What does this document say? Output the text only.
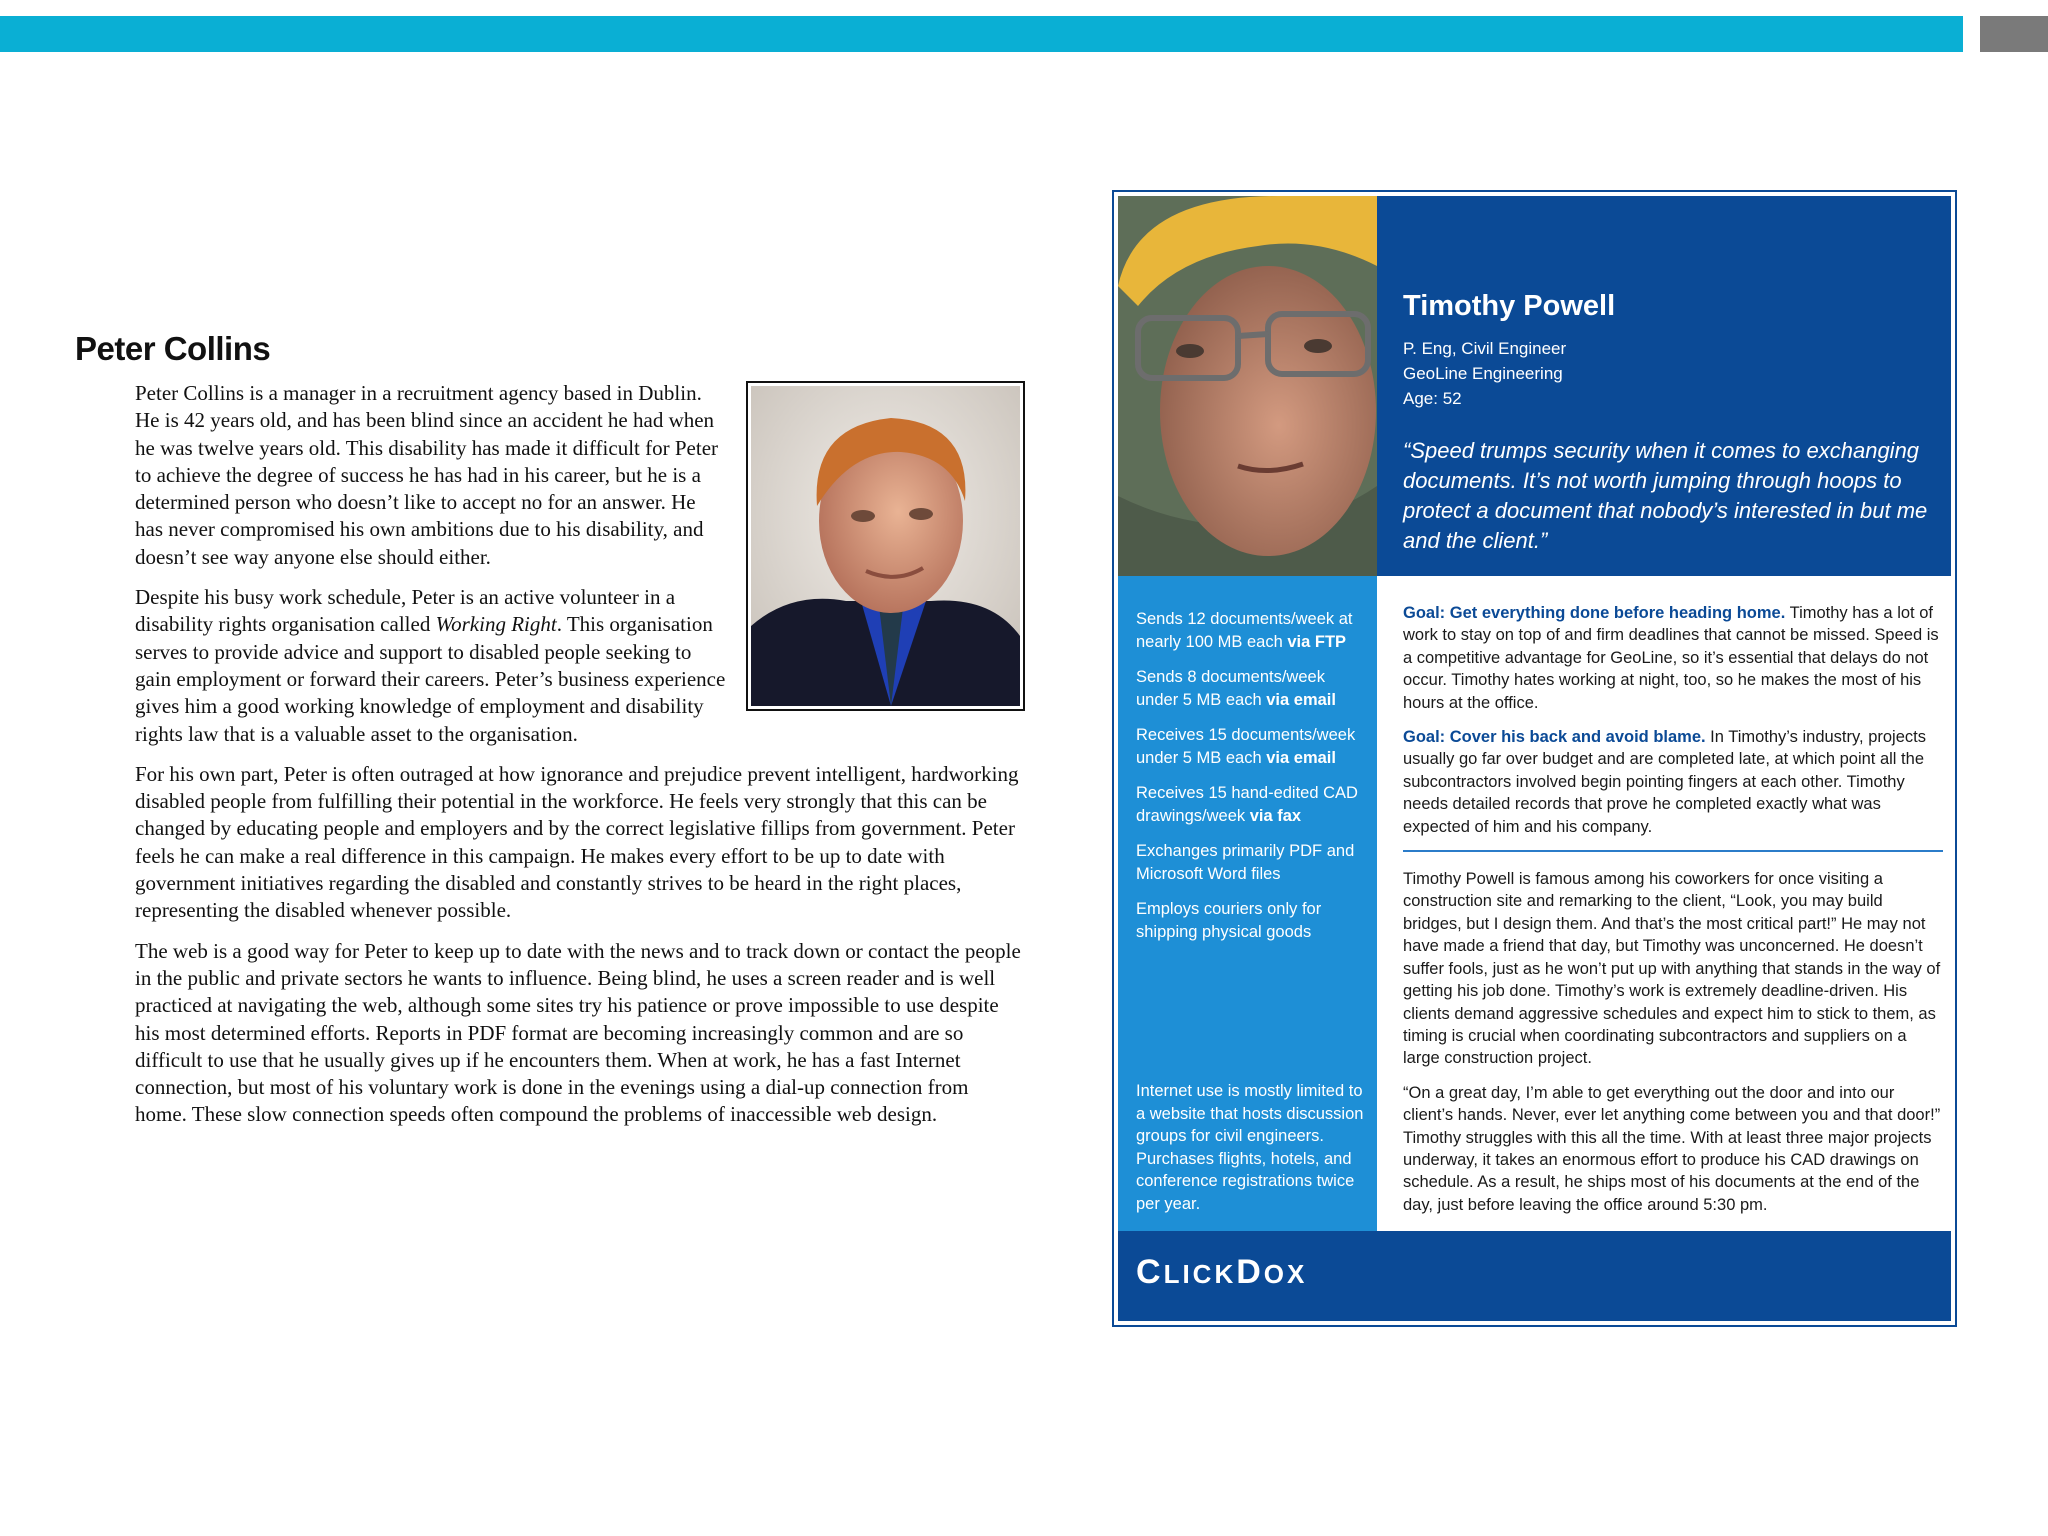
Peter Collins

Peter Collins is a manager in a recruitment agency based in Dublin. He is 42 years old, and has been blind since an accident he had when he was twelve years old. This disability has made it difficult for Peter to achieve the degree of success he has had in his career, but he is a determined person who doesn’t like to accept no for an answer. He has never compromised his own ambitions due to his disability, and doesn’t see way anyone else should either.

Despite his busy work schedule, Peter is an active volunteer in a disability rights organisation called Working Right. This organisation serves to provide advice and support to disabled people seeking to gain employment or forward their careers. Peter’s business experience gives him a good working knowledge of employment and disability rights law that is a valuable asset to the organisation.

For his own part, Peter is often outraged at how ignorance and prejudice prevent intelligent, hardworking disabled people from fulfilling their potential in the workforce. He feels very strongly that this can be changed by educating people and employers and by the correct legislative fillips from government. Peter feels he can make a real difference in this campaign. He makes every effort to be up to date with government initiatives regarding the disabled and constantly strives to be heard in the right places, representing the disabled whenever possible.

The web is a good way for Peter to keep up to date with the news and to track down or contact the people in the public and private sectors he wants to influence. Being blind, he uses a screen reader and is well practiced at navigating the web, although some sites try his patience or prove impossible to use despite his most determined efforts. Reports in PDF format are becoming increasingly common and are so difficult to use that he usually gives up if he encounters them. When at work, he has a fast Internet connection, but most of his voluntary work is done in the evenings using a dial-up connection from home. These slow connection speeds often compound the problems of inaccessible web design.

Timothy Powell
P. Eng, Civil Engineer
GeoLine Engineering
Age: 52
“Speed trumps security when it comes to exchanging documents. It’s not worth jumping through hoops to protect a document that nobody’s interested in but me and the client.”
Sends 12 documents/week at nearly 100 MB each via FTP
Sends 8 documents/week under 5 MB each via email
Receives 15 documents/week under 5 MB each via email
Receives 15 hand-edited CAD drawings/week via fax
Exchanges primarily PDF and Microsoft Word files
Employs couriers only for shipping physical goods
Internet use is mostly limited to a website that hosts discussion groups for civil engineers. Purchases flights, hotels, and conference registrations twice per year.

Goal: Get everything done before heading home. Timothy has a lot of work to stay on top of and firm deadlines that cannot be missed. Speed is a competitive advantage for GeoLine, so it’s essential that delays do not occur. Timothy hates working at night, too, so he makes the most of his hours at the office.

Goal: Cover his back and avoid blame. In Timothy’s industry, projects usually go far over budget and are completed late, at which point all the subcontractors involved begin pointing fingers at each other. Timothy needs detailed records that prove he completed exactly what was expected of him and his company.

Timothy Powell is famous among his coworkers for once visiting a construction site and remarking to the client, “Look, you may build bridges, but I design them. And that’s the most critical part!” He may not have made a friend that day, but Timothy was unconcerned. He doesn’t suffer fools, just as he won’t put up with anything that stands in the way of getting his job done. Timothy’s work is extremely deadline-driven. His clients demand aggressive schedules and expect him to stick to them, as timing is crucial when coordinating subcontractors and suppliers on a large construction project.

“On a great day, I’m able to get everything out the door and into our client’s hands. Never, ever let anything come between you and that door!” Timothy struggles with this all the time. With at least three major projects underway, it takes an enormous effort to produce his CAD drawings on schedule. As a result, he ships most of his documents at the end of the day, just before leaving the office around 5:30 pm.

CLICKDOX
